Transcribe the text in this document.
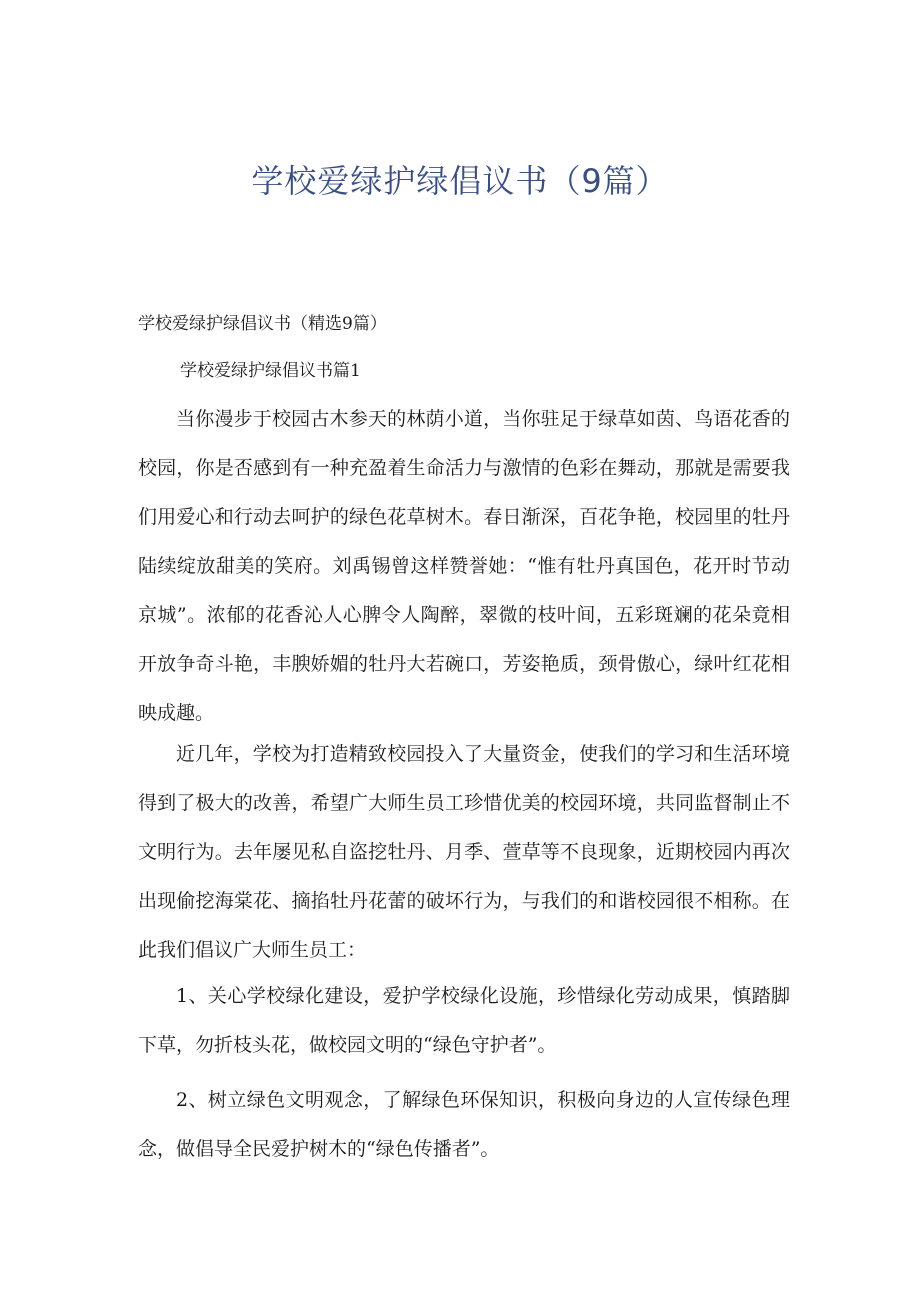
学校爱绿护绿倡议书（9篇）

学校爱绿护绿倡议书（精选9篇）

学校爱绿护绿倡议书篇1

当你漫步于校园古木参天的林荫小道，当你驻足于绿草如茵、鸟语花香的校园，你是否感到有一种充盈着生命活力与激情的色彩在舞动，那就是需要我们用爱心和行动去呵护的绿色花草树木。春日渐深，百花争艳，校园里的牡丹陆续绽放甜美的笑府。刘禹锡曾这样赞誉她：“惟有牡丹真国色，花开时节动京城”。浓郁的花香沁人心脾令人陶醉，翠微的枝叶间，五彩斑斓的花朵竟相开放争奇斗艳，丰腴娇媚的牡丹大若碗口，芳姿艳质，颈骨傲心，绿叶红花相映成趣。

近几年，学校为打造精致校园投入了大量资金，使我们的学习和生活环境得到了极大的改善，希望广大师生员工珍惜优美的校园环境，共同监督制止不文明行为。去年屡见私自盗挖牡丹、月季、萱草等不良现象，近期校园内再次出现偷挖海棠花、摘掐牡丹花蕾的破坏行为，与我们的和谐校园很不相称。在此我们倡议广大师生员工：

1、关心学校绿化建设，爱护学校绿化设施，珍惜绿化劳动成果，慎踏脚下草，勿折枝头花，做校园文明的“绿色守护者”。

2、树立绿色文明观念，了解绿色环保知识，积极向身边的人宣传绿色理念，做倡导全民爱护树木的“绿色传播者”。
